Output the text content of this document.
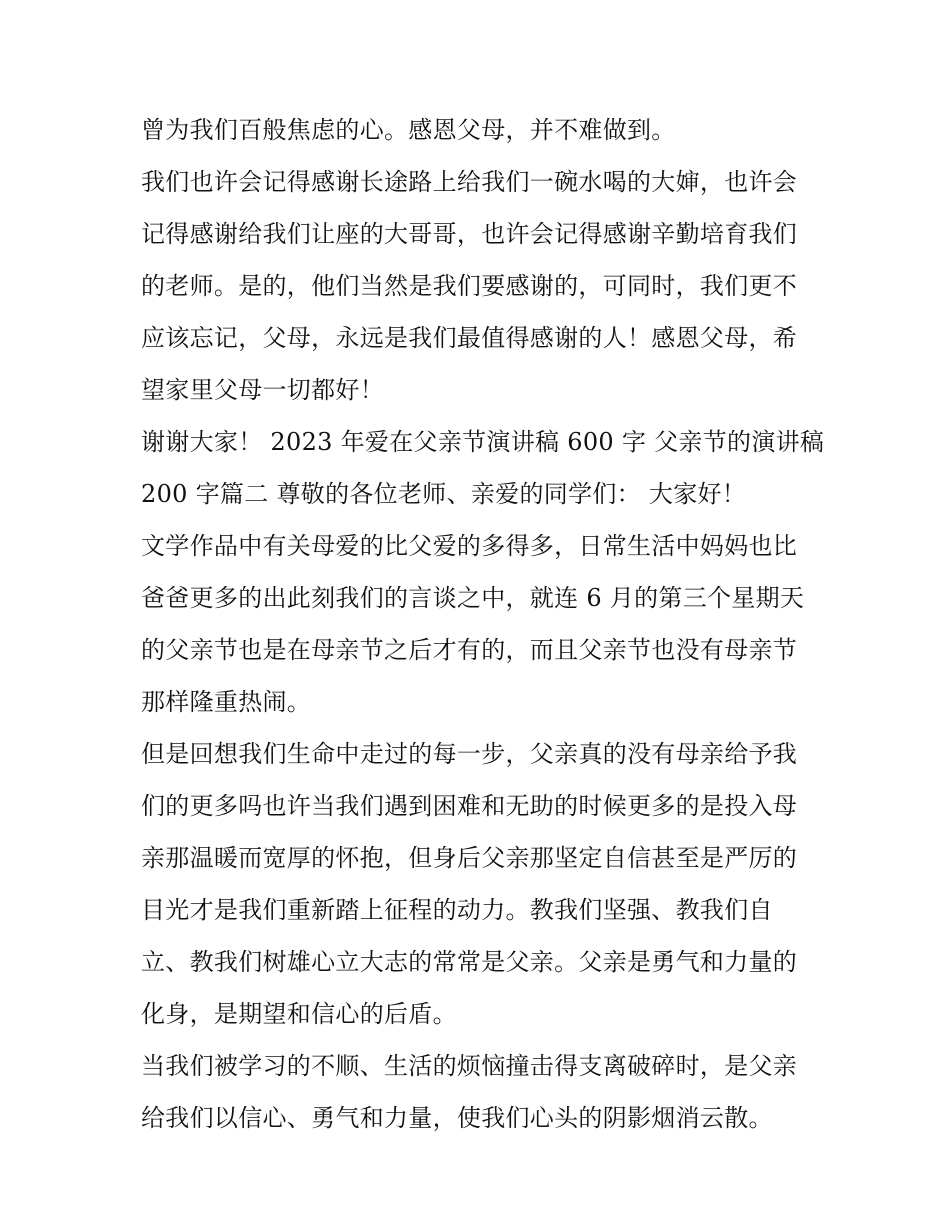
曾为我们百般焦虑的心。感恩父母，并不难做到。
我们也许会记得感谢长途路上给我们一碗水喝的大婶，也许会
记得感谢给我们让座的大哥哥，也许会记得感谢辛勤培育我们
的老师。是的，他们当然是我们要感谢的，可同时，我们更不
应该忘记，父母，永远是我们最值得感谢的人！感恩父母，希
望家里父母一切都好！
谢谢大家！ 2023 年爱在父亲节演讲稿 600 字 父亲节的演讲稿
200 字篇二 尊敬的各位老师、亲爱的同学们： 大家好！
文学作品中有关母爱的比父爱的多得多，日常生活中妈妈也比
爸爸更多的出此刻我们的言谈之中，就连 6 月的第三个星期天
的父亲节也是在母亲节之后才有的，而且父亲节也没有母亲节
那样隆重热闹。
但是回想我们生命中走过的每一步，父亲真的没有母亲给予我
们的更多吗也许当我们遇到困难和无助的时候更多的是投入母
亲那温暖而宽厚的怀抱，但身后父亲那坚定自信甚至是严厉的
目光才是我们重新踏上征程的动力。教我们坚强、教我们自
立、教我们树雄心立大志的常常是父亲。父亲是勇气和力量的
化身，是期望和信心的后盾。
当我们被学习的不顺、生活的烦恼撞击得支离破碎时，是父亲
给我们以信心、勇气和力量，使我们心头的阴影烟消云散。
